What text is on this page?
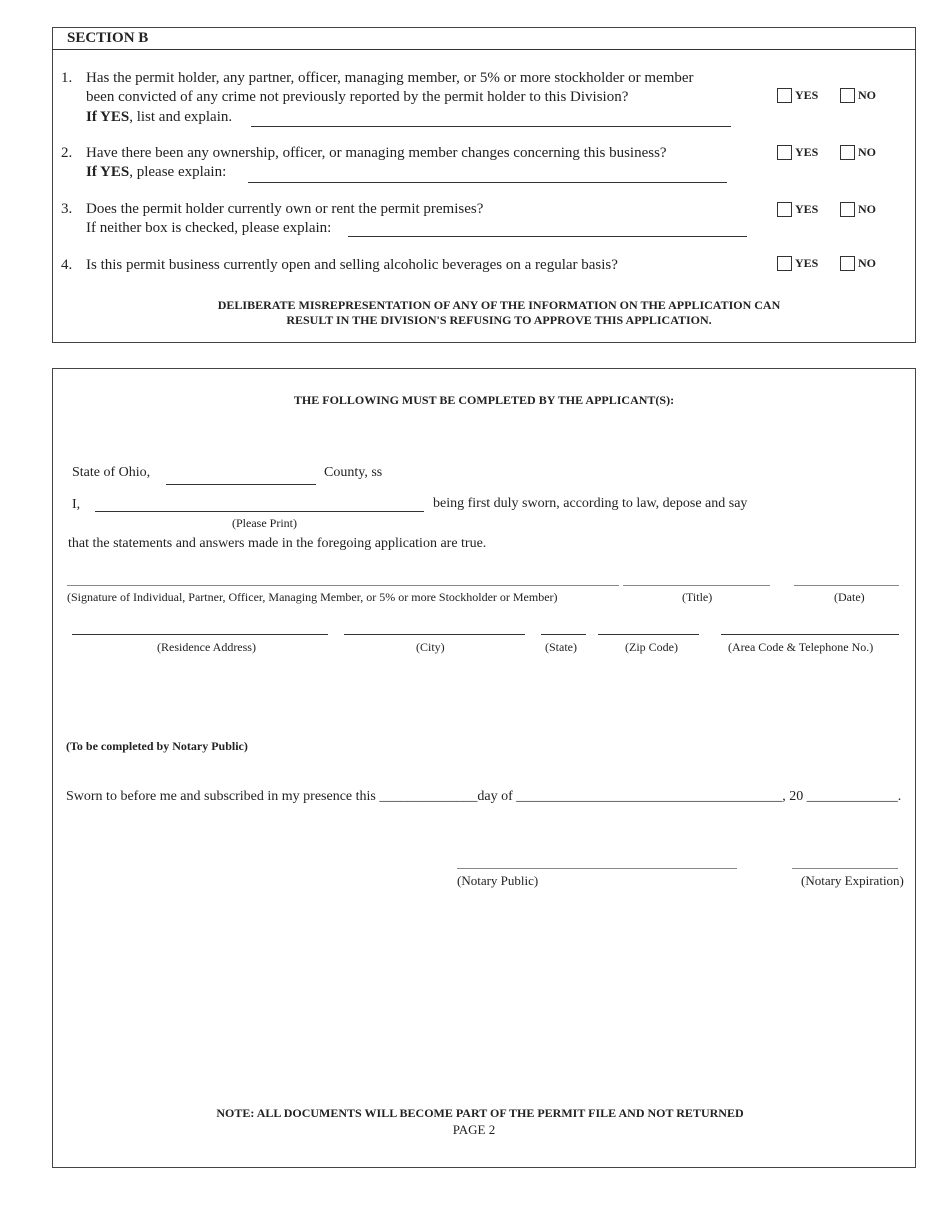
SECTION B
1. Has the permit holder, any partner, officer, managing member, or 5% or more stockholder or member
been convicted of any crime not previously reported by the permit holder to this Division?
If YES, list and explain.
YES	NO
2. Have there been any ownership, officer, or managing member changes concerning this business?
If YES, please explain:
YES	NO
3. Does the permit holder currently own or rent the permit premises?
If neither box is checked, please explain:
YES	NO
4. Is this permit business currently open and selling alcoholic beverages on a regular basis?	YES	NO
DELIBERATE MISREPRESENTATION OF ANY OF THE INFORMATION ON THE APPLICATION CAN
RESULT IN THE DIVISION'S REFUSING TO APPROVE THIS APPLICATION.
THE FOLLOWING MUST BE COMPLETED BY THE APPLICANT(S):
State of Ohio,	County, ss
I,	being first duly sworn, according to law, depose and say
(Please Print)
that the statements and answers made in the foregoing application are true.
(Signature of Individual, Partner, Officer, Managing Member, or 5% or more Stockholder or Member)	(Title)	(Date)
(Residence Address)	(City)	(State)	(Zip Code)	(Area Code & Telephone No.)
(To be completed by Notary Public)
Sworn to before me and subscribed in my presence this ______________day of ______________________________________, 20 _____________.
(Notary Public)	(Notary Expiration)
NOTE: ALL DOCUMENTS WILL BECOME PART OF THE PERMIT FILE AND NOT RETURNED
PAGE 2
